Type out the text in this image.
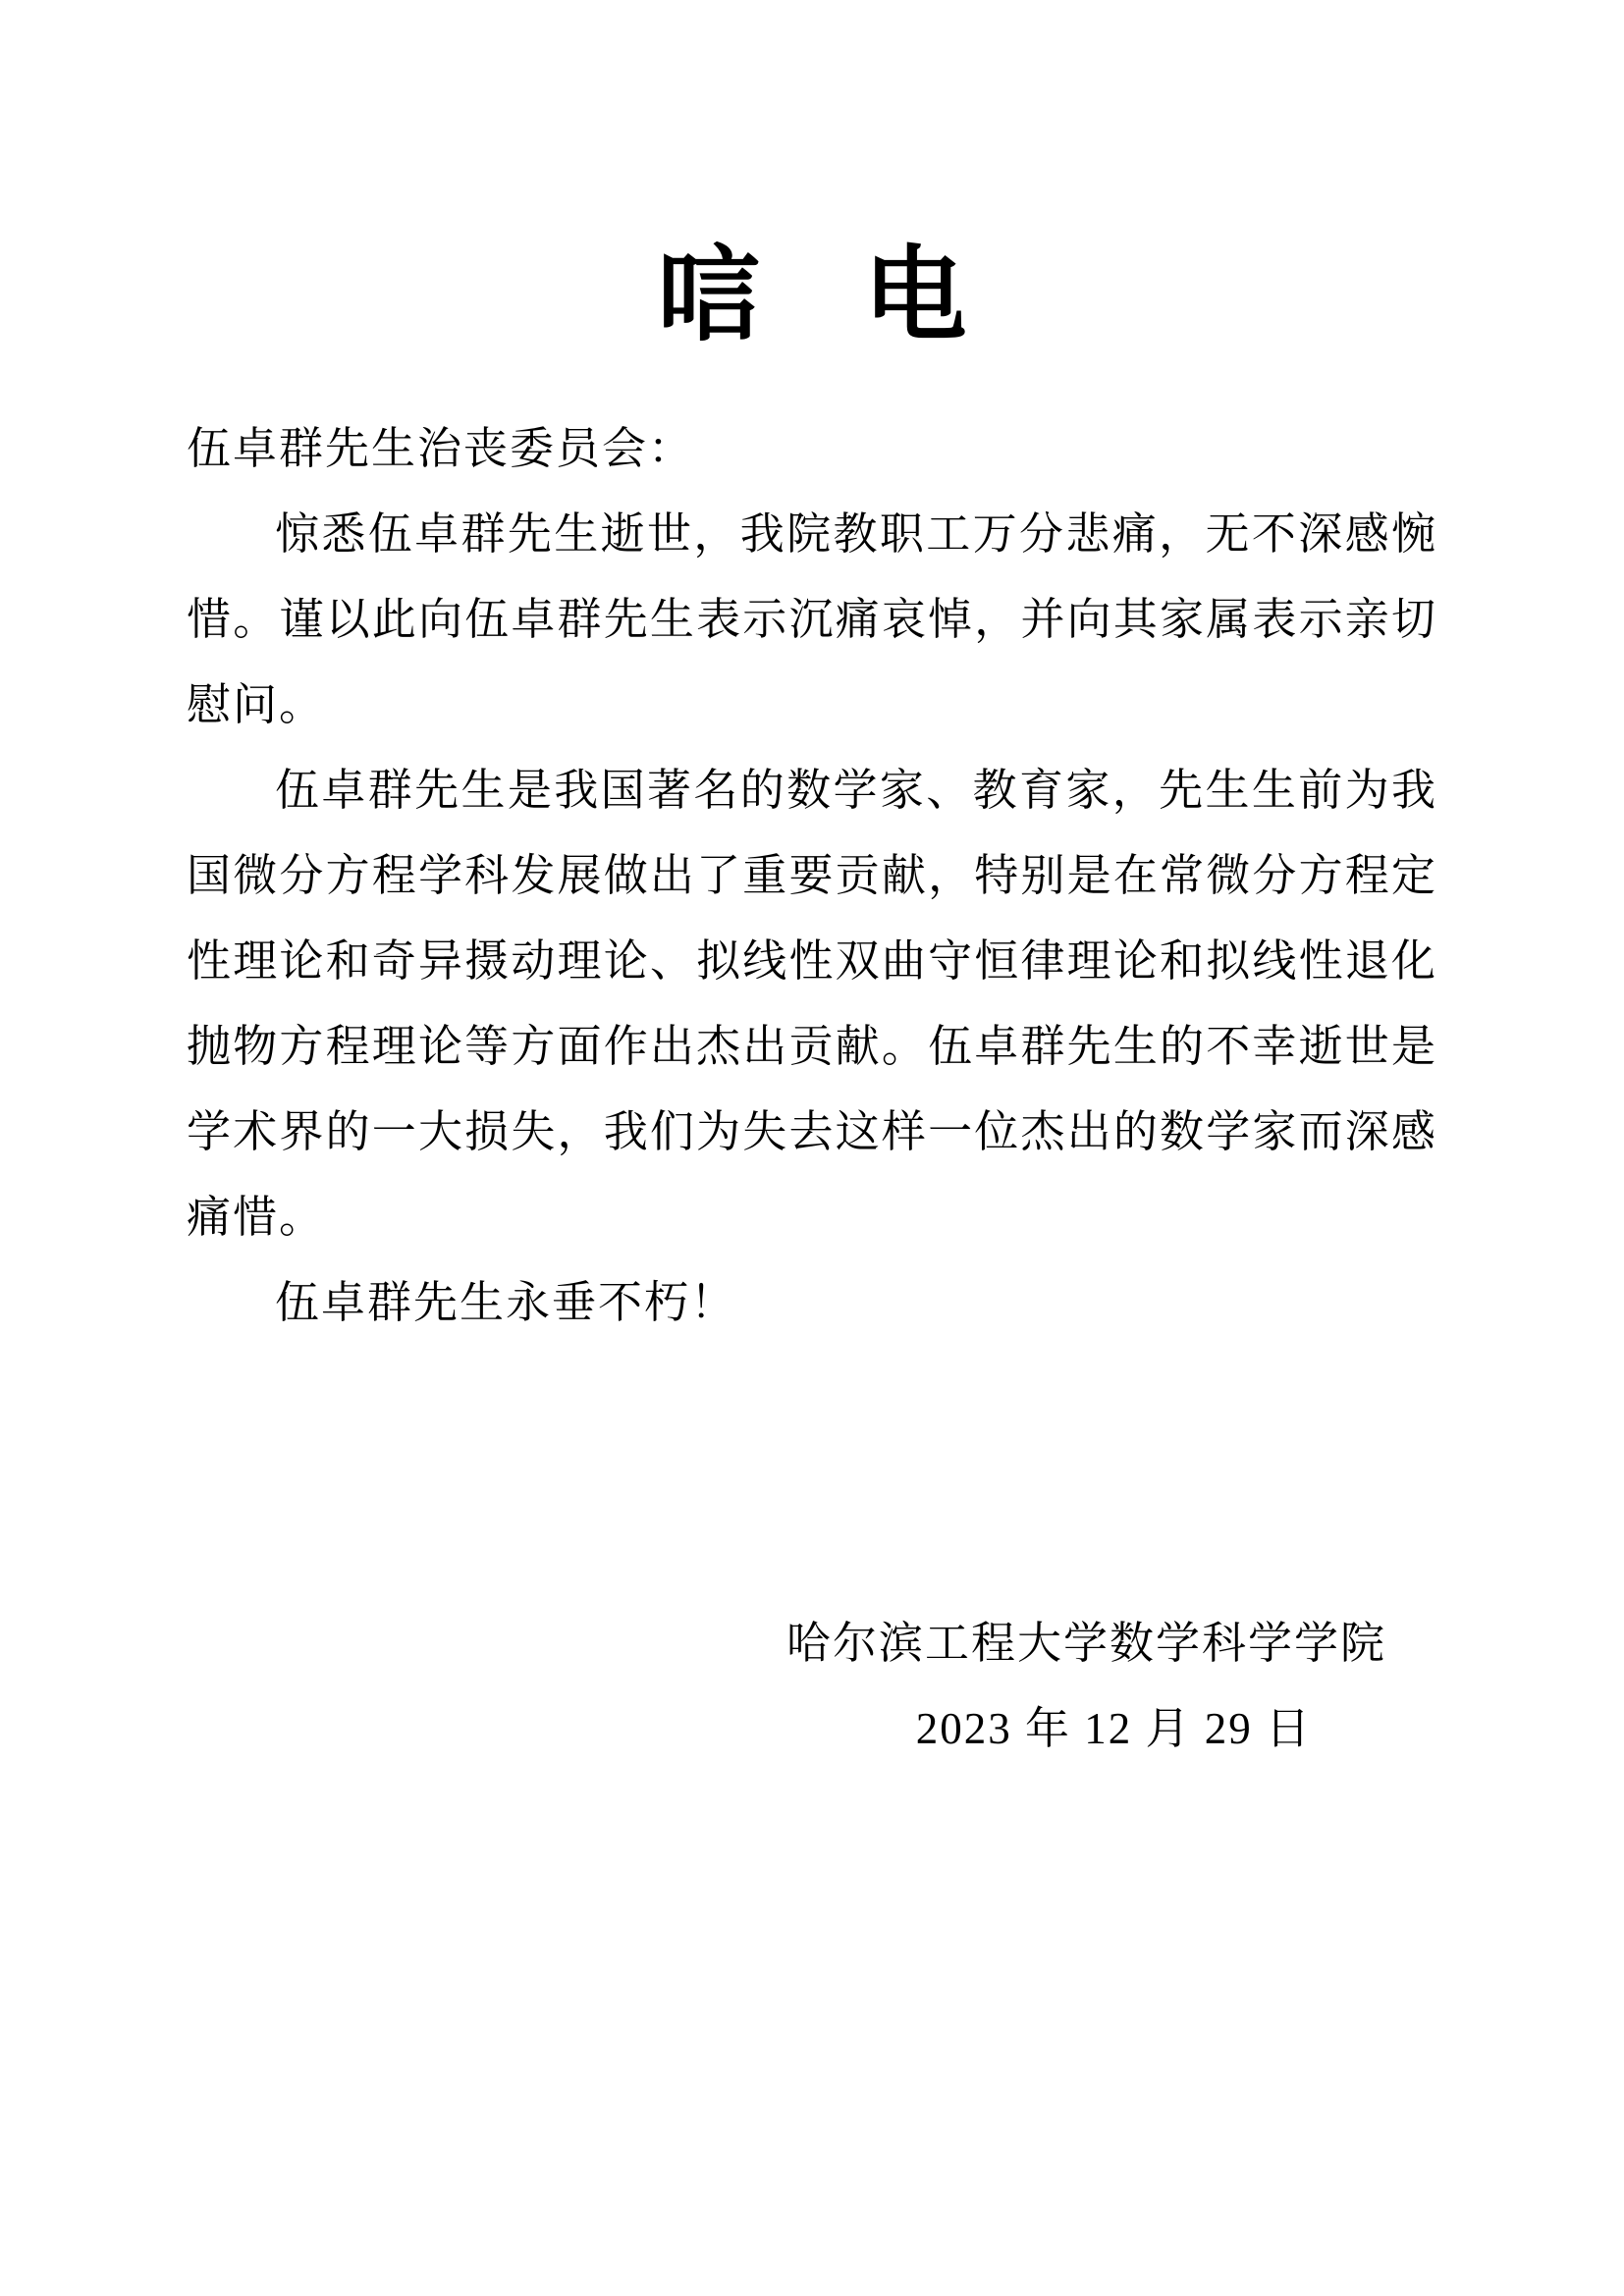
唁　电

伍卓群先生治丧委员会：

惊悉伍卓群先生逝世，我院教职工万分悲痛，无不深感惋惜。谨以此向伍卓群先生表示沉痛哀悼，并向其家属表示亲切慰问。

伍卓群先生是我国著名的数学家、教育家，先生生前为我国微分方程学科发展做出了重要贡献，特别是在常微分方程定性理论和奇异摄动理论、拟线性双曲守恒律理论和拟线性退化抛物方程理论等方面作出杰出贡献。伍卓群先生的不幸逝世是学术界的一大损失，我们为失去这样一位杰出的数学家而深感痛惜。

伍卓群先生永垂不朽！

哈尔滨工程大学数学科学学院
2023 年 12 月 29 日
